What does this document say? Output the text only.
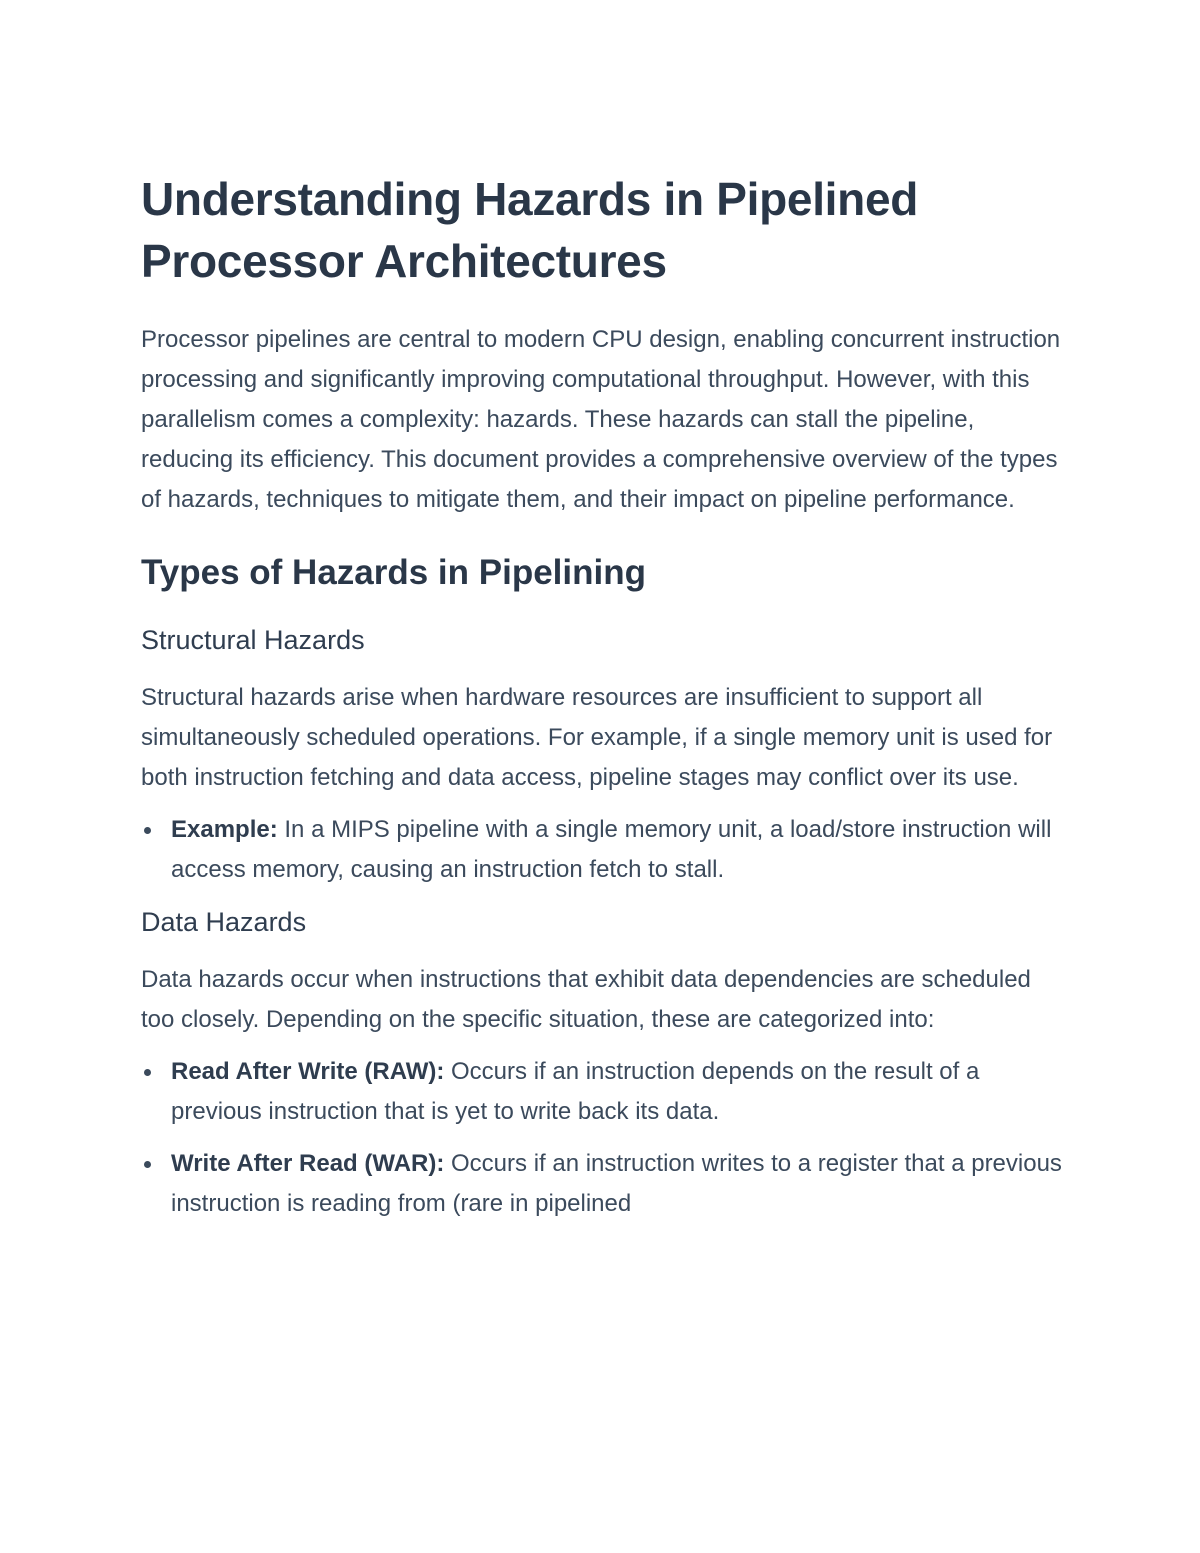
Understanding Hazards in Pipelined Processor Architectures

Processor pipelines are central to modern CPU design, enabling concurrent instruction processing and significantly improving computational throughput. However, with this parallelism comes a complexity: hazards. These hazards can stall the pipeline, reducing its efficiency. This document provides a comprehensive overview of the types of hazards, techniques to mitigate them, and their impact on pipeline performance.

Types of Hazards in Pipelining
Structural Hazards

Structural hazards arise when hardware resources are insufficient to support all simultaneously scheduled operations. For example, if a single memory unit is used for both instruction fetching and data access, pipeline stages may conflict over its use.

Example: In a MIPS pipeline with a single memory unit, a load/store instruction will access memory, causing an instruction fetch to stall.
Data Hazards

Data hazards occur when instructions that exhibit data dependencies are scheduled too closely. Depending on the specific situation, these are categorized into:

Read After Write (RAW): Occurs if an instruction depends on the result of a previous instruction that is yet to write back its data.
Write After Read (WAR): Occurs if an instruction writes to a register that a previous instruction is reading from (rare in pipelined
